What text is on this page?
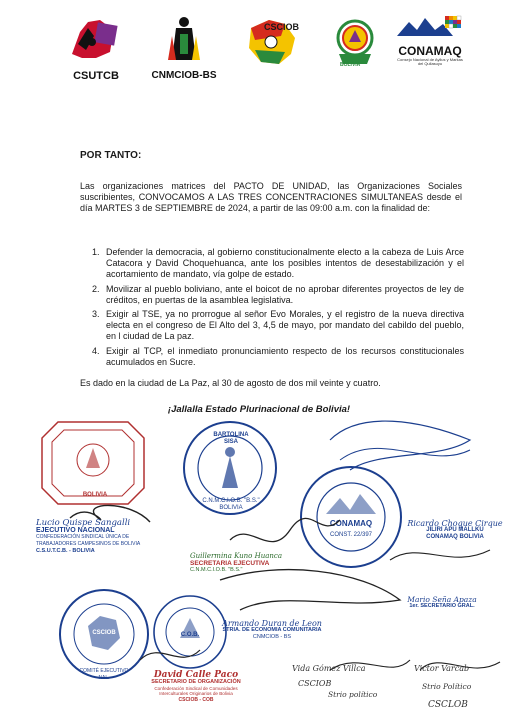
CSUTCB	CNMCIOB-BS
CSCIOB
BOLIVIA
CONAMAQ
Consejo Nacional de Ayllus y Markas del Qullasuyu

POR TANTO:

Las organizaciones matrices del PACTO DE UNIDAD, las Organizaciones Sociales suscribientes, CONVOCAMOS A LAS TRES CONCENTRACIONES SIMULTANEAS desde el día MARTES 3 de SEPTIEMBRE de 2024, a partir de las 09:00 a.m. con la finalidad de:

1. Defender la democracia, al gobierno constitucionalmente electo a la cabeza de Luis Arce Catacora y David Choquehuanca, ante los posibles intentos de desestabilización y el acortamiento de mandato, vía golpe de estado.
2. Movilizar al pueblo boliviano, ante el boicot de no aprobar diferentes proyectos de ley de créditos, en puertas de la asamblea legislativa.
3. Exigir al TSE, ya no prorrogue al señor Evo Morales, y el registro de la nueva directiva electa en el congreso de El Alto del 3, 4,5 de mayo, por mandato del cabildo del pueblo, en l ciudad de La paz.
4. Exigir al TCP, el inmediato pronunciamiento respecto de los recursos constitucionales acumulados en Sucre.

Es dado en la ciudad de La Paz, al 30 de agosto de dos mil veinte y cuatro.

¡Jallalla Estado Plurinacional de Bolivia!

BOLIVIA
BARTOLINA SISA
C.N.M.C.I.O.B. "B.S." BOLIVIA
CONAMAQ
CONST. 22/397
CSCIOB
COMITÉ EJECUTIVO NAL.
C.O.B.
Lucio Quispe Sangalli
EJECUTIVO NACIONAL
CONFEDERACIÓN SINDICAL ÚNICA DE TRABAJADORES CAMPESINOS DE BOLIVIA
C.S.U.T.C.B. - BOLIVIA
Guillermina Kuno Huanca
SECRETARIA EJECUTIVA
C.N.M.C.I.O.B. "B.S."
Ricardo Choque Cirque
JILIRI APU MALLKU
CONAMAQ BOLIVIA
Armando Duran de Leon
STRIA. DE ECONOMIA COMUNITARIA
CNMCIOB - BS
Mario Seña Apaza
1er. SECRETARIO GRAL.
David Calle Paco
SECRETARIO DE ORGANIZACIÓN
Confederación Sindical de Comunidades Interculturales Originarios de Bolivia
CSCIOB - COB
Vida Gómez Villca
CSCIOB
Strio político
Victor Varcab
Strio Político
CSCLOB
